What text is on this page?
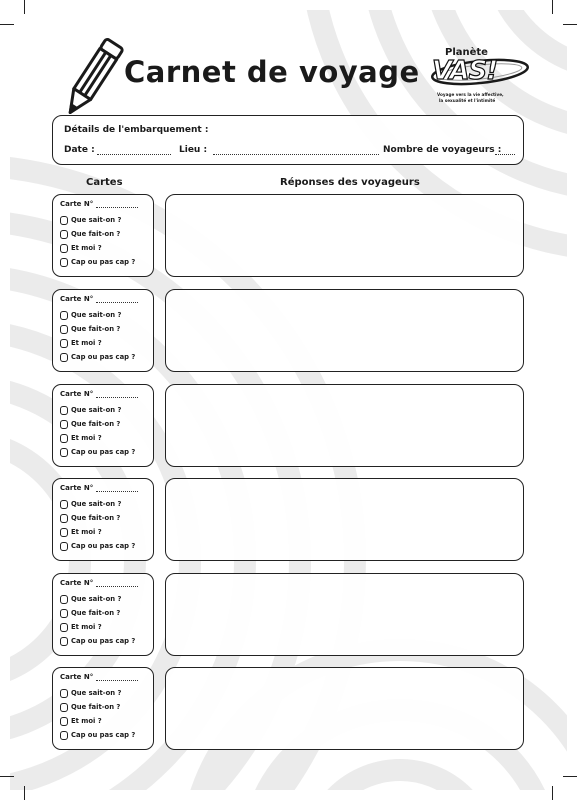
Carnet de voyage
Planète
VAS!
Voyage vers la vie affective,
la sexualité et l'intimité
Détails de l'embarquement :
Date :	Lieu :	Nombre de voyageurs :
Cartes	Réponses des voyageurs
Carte N°
Que sait-on ?
Que fait-on ?
Et moi ?
Cap ou pas cap ?
Carte N°
Que sait-on ?
Que fait-on ?
Et moi ?
Cap ou pas cap ?
Carte N°
Que sait-on ?
Que fait-on ?
Et moi ?
Cap ou pas cap ?
Carte N°
Que sait-on ?
Que fait-on ?
Et moi ?
Cap ou pas cap ?
Carte N°
Que sait-on ?
Que fait-on ?
Et moi ?
Cap ou pas cap ?
Carte N°
Que sait-on ?
Que fait-on ?
Et moi ?
Cap ou pas cap ?
